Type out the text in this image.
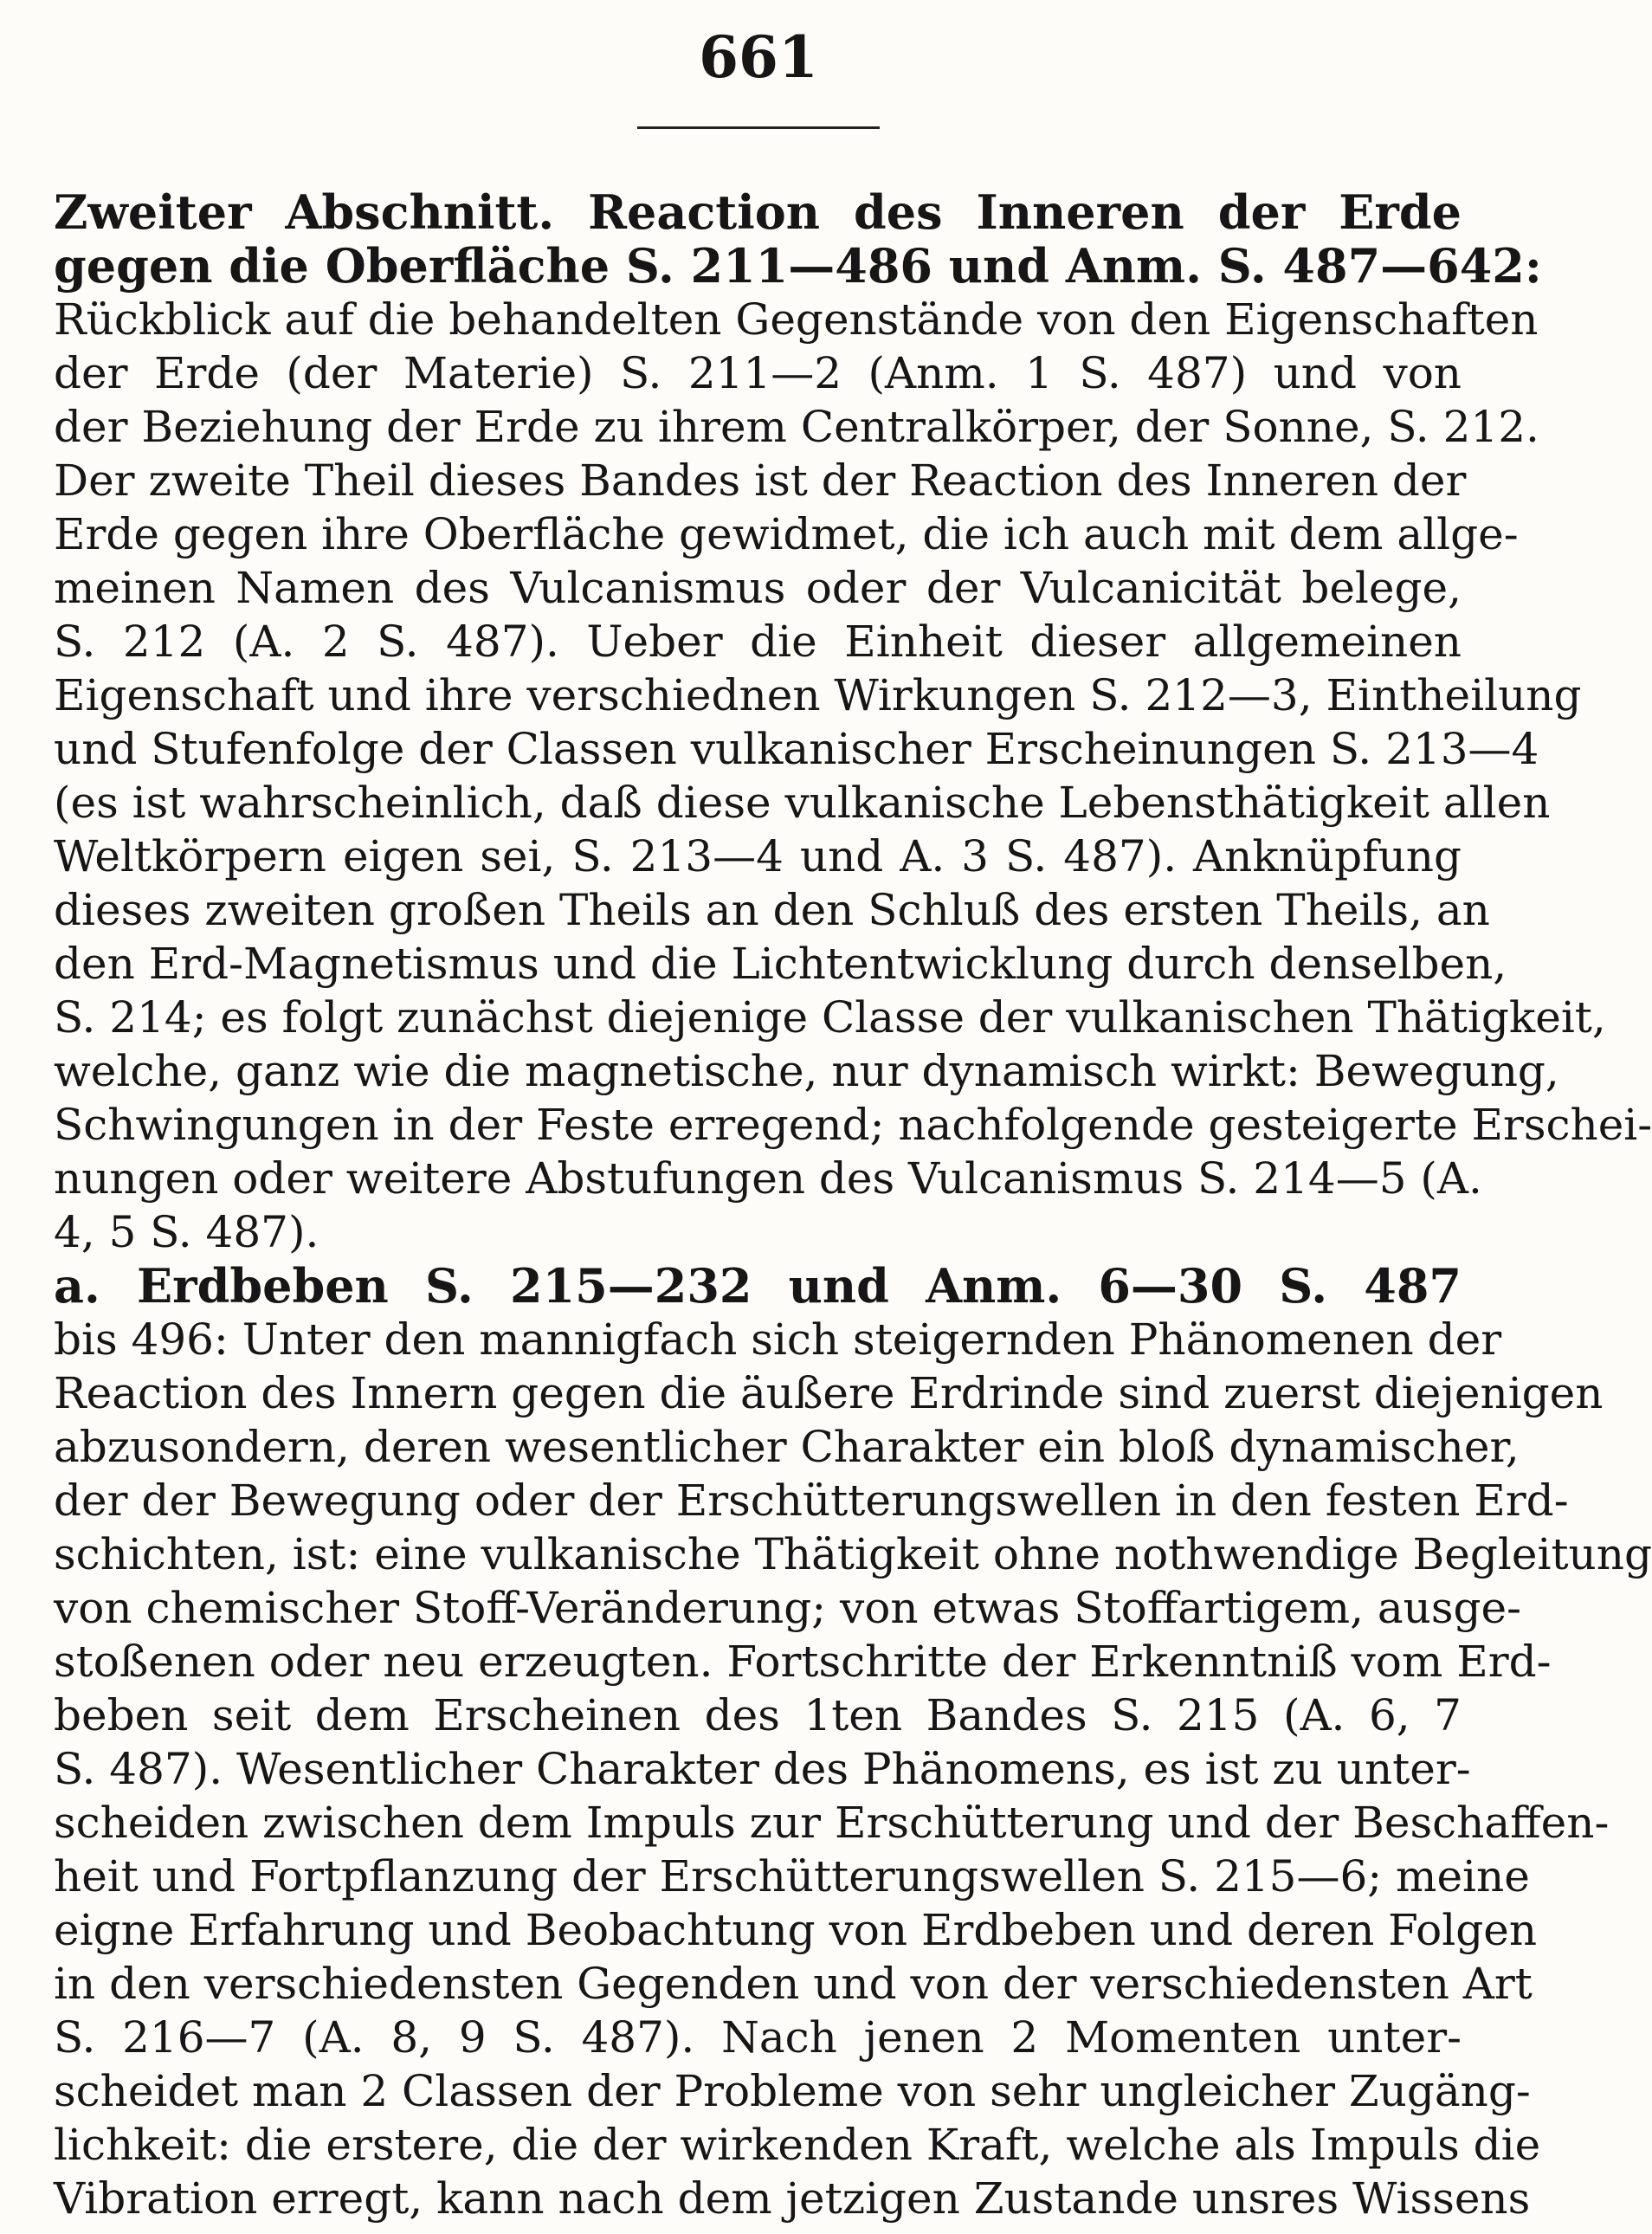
661
Zweiter Abschnitt. Reaction des Inneren der Erde
gegen die Oberfläche S. 211—486 und Anm. S. 487—642:
Rückblick auf die behandelten Gegenstände von den Eigenschaften
der Erde (der Materie) S. 211—2 (Anm. 1 S. 487) und von
der Beziehung der Erde zu ihrem Centralkörper, der Sonne, S. 212.
Der zweite Theil dieses Bandes ist der Reaction des Inneren der
Erde gegen ihre Oberfläche gewidmet, die ich auch mit dem allge-
meinen Namen des Vulcanismus oder der Vulcanicität belege,
S. 212 (A. 2 S. 487). Ueber die Einheit dieser allgemeinen
Eigenschaft und ihre verschiednen Wirkungen S. 212—3, Eintheilung
und Stufenfolge der Classen vulkanischer Erscheinungen S. 213—4
(es ist wahrscheinlich, daß diese vulkanische Lebensthätigkeit allen
Weltkörpern eigen sei, S. 213—4 und A. 3 S. 487). Anknüpfung
dieses zweiten großen Theils an den Schluß des ersten Theils, an
den Erd-Magnetismus und die Lichtentwicklung durch denselben,
S. 214; es folgt zunächst diejenige Classe der vulkanischen Thätigkeit,
welche, ganz wie die magnetische, nur dynamisch wirkt: Bewegung,
Schwingungen in der Feste erregend; nachfolgende gesteigerte Erschei-
nungen oder weitere Abstufungen des Vulcanismus S. 214—5 (A.
4, 5 S. 487).
a. Erdbeben S. 215—232 und Anm. 6—30 S. 487
bis 496: Unter den mannigfach sich steigernden Phänomenen der
Reaction des Innern gegen die äußere Erdrinde sind zuerst diejenigen
abzusondern, deren wesentlicher Charakter ein bloß dynamischer,
der der Bewegung oder der Erschütterungswellen in den festen Erd-
schichten, ist: eine vulkanische Thätigkeit ohne nothwendige Begleitung
von chemischer Stoff-Veränderung; von etwas Stoffartigem, ausge-
stoßenen oder neu erzeugten. Fortschritte der Erkenntniß vom Erd-
beben seit dem Erscheinen des 1ten Bandes S. 215 (A. 6, 7
S. 487). Wesentlicher Charakter des Phänomens, es ist zu unter-
scheiden zwischen dem Impuls zur Erschütterung und der Beschaffen-
heit und Fortpflanzung der Erschütterungswellen S. 215—6; meine
eigne Erfahrung und Beobachtung von Erdbeben und deren Folgen
in den verschiedensten Gegenden und von der verschiedensten Art
S. 216—7 (A. 8, 9 S. 487). Nach jenen 2 Momenten unter-
scheidet man 2 Classen der Probleme von sehr ungleicher Zugäng-
lichkeit: die erstere, die der wirkenden Kraft, welche als Impuls die
Vibration erregt, kann nach dem jetzigen Zustande unsres Wissens
